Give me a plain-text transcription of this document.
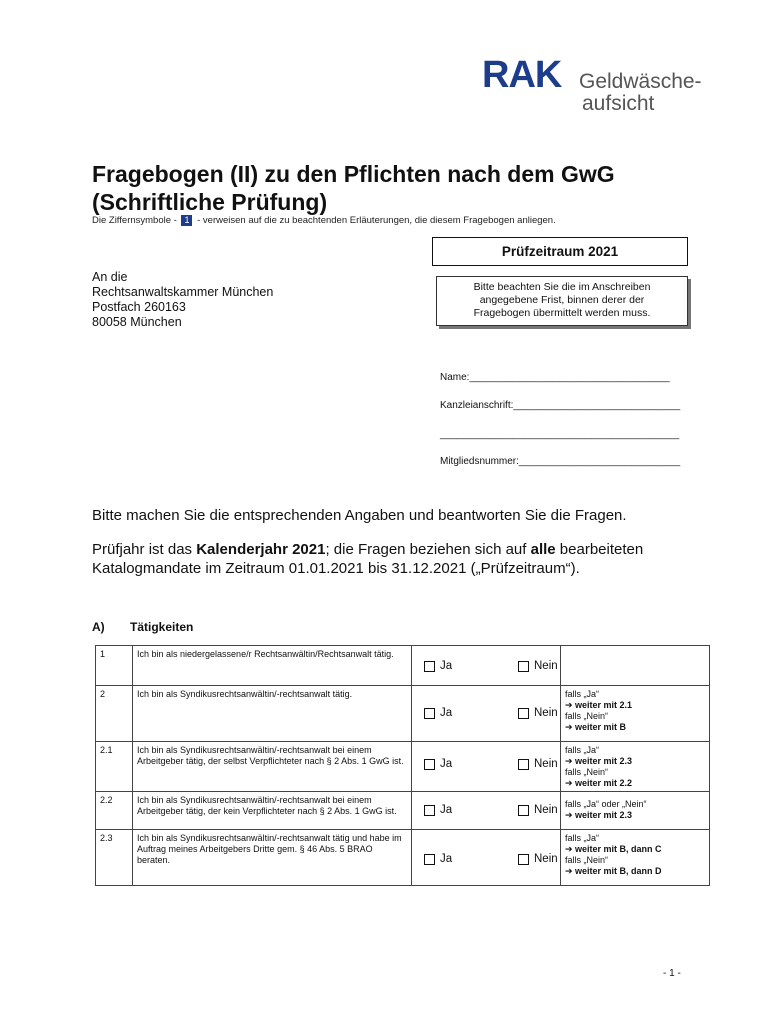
RAK Geldwäsche-
aufsicht
Fragebogen (II) zu den Pflichten nach dem GwG
(Schriftliche Prüfung)
Die Ziffernsymbole - 1 - verweisen auf die zu beachtenden Erläuterungen, die diesem Fragebogen anliegen.
Prüfzeitraum 2021
Bitte beachten Sie die im Anschreiben
angegebene Frist, binnen derer der
Fragebogen übermittelt werden muss.
An die
Rechtsanwaltskammer München
Postfach 260163
80058 München
Name:____________________________________
Kanzleianschrift:______________________________
___________________________________________
Mitgliedsnummer:_____________________________
Bitte machen Sie die entsprechenden Angaben und beantworten Sie die Fragen.
Prüfjahr ist das Kalenderjahr 2021; die Fragen beziehen sich auf alle bearbeiteten Katalogmandate im Zeitraum 01.01.2021 bis 31.12.2021 („Prüfzeitraum“).
A) Tätigkeiten
1	Ich bin als niedergelassene/r Rechtsanwältin/Rechtsanwalt tätig.	Ja Nein	

2	Ich bin als Syndikusrechtsanwältin/-rechtsanwalt tätig.	Ja Nein	falls „Ja“
➔ weiter mit 2.1
falls „Nein“
➔ weiter mit B

2.1	Ich bin als Syndikusrechtsanwältin/-rechtsanwalt bei einem Arbeitgeber tätig, der selbst Verpflichteter nach § 2 Abs. 1 GwG ist.	Ja Nein	falls „Ja“
➔ weiter mit 2.3
falls „Nein“
➔ weiter mit 2.2

2.2	Ich bin als Syndikusrechtsanwältin/-rechtsanwalt bei einem Arbeitgeber tätig, der kein Verpflichteter nach § 2 Abs. 1 GwG ist.	Ja Nein	falls „Ja“ oder „Nein“
➔ weiter mit 2.3

2.3	Ich bin als Syndikusrechtsanwältin/-rechtsanwalt tätig und habe im Auftrag meines Arbeitgebers Dritte gem. § 46 Abs. 5 BRAO beraten.	Ja Nein	falls „Ja“
➔ weiter mit B, dann C
falls „Nein“
➔ weiter mit B, dann D
- 1 -
